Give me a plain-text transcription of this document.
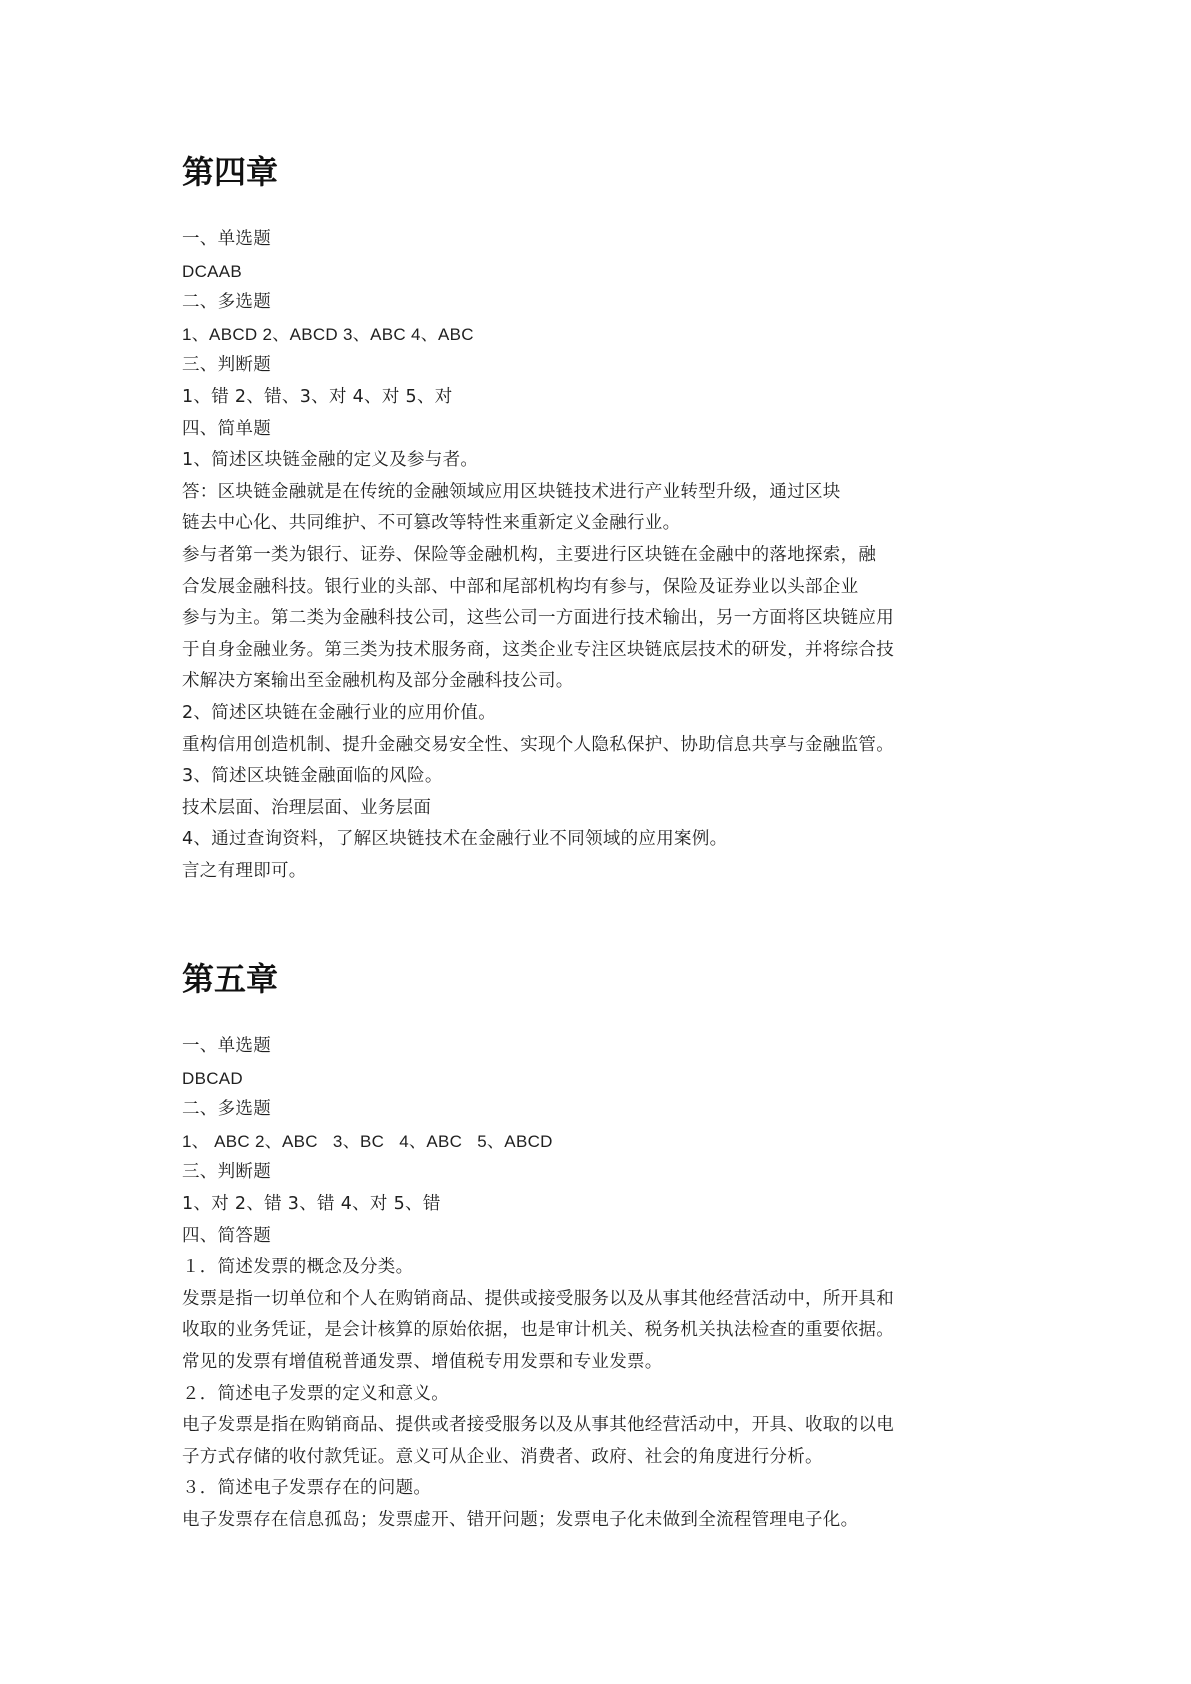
第四章
一、单选题
DCAAB
二、多选题
1、ABCD 2、ABCD 3、ABC 4、ABC
三、判断题
1、错 2、错、3、对 4、对 5、对
四、简单题
1、简述区块链金融的定义及参与者。
答：区块链金融就是在传统的金融领域应用区块链技术进行产业转型升级，通过区块
链去中心化、共同维护、不可篡改等特性来重新定义金融行业。
参与者第一类为银行、证券、保险等金融机构，主要进行区块链在金融中的落地探索，融
合发展金融科技。银行业的头部、中部和尾部机构均有参与，保险及证券业以头部企业
参与为主。第二类为金融科技公司，这些公司一方面进行技术输出，另一方面将区块链应用
于自身金融业务。第三类为技术服务商，这类企业专注区块链底层技术的研发，并将综合技
术解决方案输出至金融机构及部分金融科技公司。
2、简述区块链在金融行业的应用价值。
重构信用创造机制、提升金融交易安全性、实现个人隐私保护、协助信息共享与金融监管。
3、简述区块链金融面临的风险。
技术层面、治理层面、业务层面
4、通过查询资料，了解区块链技术在金融行业不同领域的应用案例。
言之有理即可。
第五章
一、单选题
DBCAD
二、多选题
1、 ABC 2、ABC   3、BC   4、ABC   5、ABCD
三、判断题
1、对 2、错 3、错 4、对 5、错
四、简答题
１．简述发票的概念及分类。
发票是指一切单位和个人在购销商品、提供或接受服务以及从事其他经营活动中，所开具和
收取的业务凭证，是会计核算的原始依据，也是审计机关、税务机关执法检查的重要依据。
常见的发票有增值税普通发票、增值税专用发票和专业发票。
２．简述电子发票的定义和意义。
电子发票是指在购销商品、提供或者接受服务以及从事其他经营活动中，开具、收取的以电
子方式存储的收付款凭证。意义可从企业、消费者、政府、社会的角度进行分析。
３．简述电子发票存在的问题。
电子发票存在信息孤岛；发票虚开、错开问题；发票电子化未做到全流程管理电子化。
